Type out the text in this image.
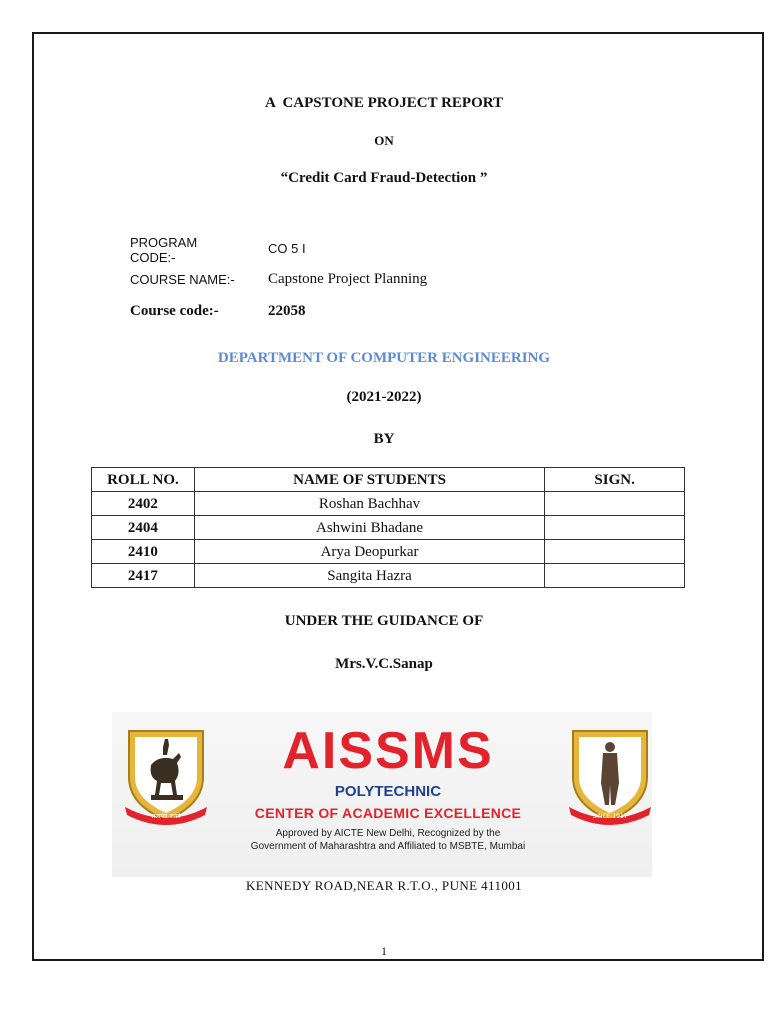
A  CAPSTONE PROJECT REPORT
ON
“Credit Card Fraud-Detection ”
PROGRAM CODE:-
CO 5 I
COURSE NAME:- Capstone Project Planning
Course code:-	22058
DEPARTMENT OF COMPUTER ENGINEERING
(2021-2022)
BY
ROLL NO.	NAME OF STUDENTS	SIGN.
2402	Roshan Bachhav	
2404	Ashwini Bhadane	
2410	Arya Deopurkar	
2417	Sangita Hazra	
UNDER THE GUIDANCE OF
Mrs.V.C.Sanap
सत्यमेव जयते	SINCE 1917
AISSMS
POLYTECHNIC
CENTER OF ACADEMIC EXCELLENCE
Approved by AICTE New Delhi, Recognized by the
Government of Maharashtra and Affiliated to MSBTE, Mumbai
KENNEDY ROAD,NEAR R.T.O., PUNE 411001
1
